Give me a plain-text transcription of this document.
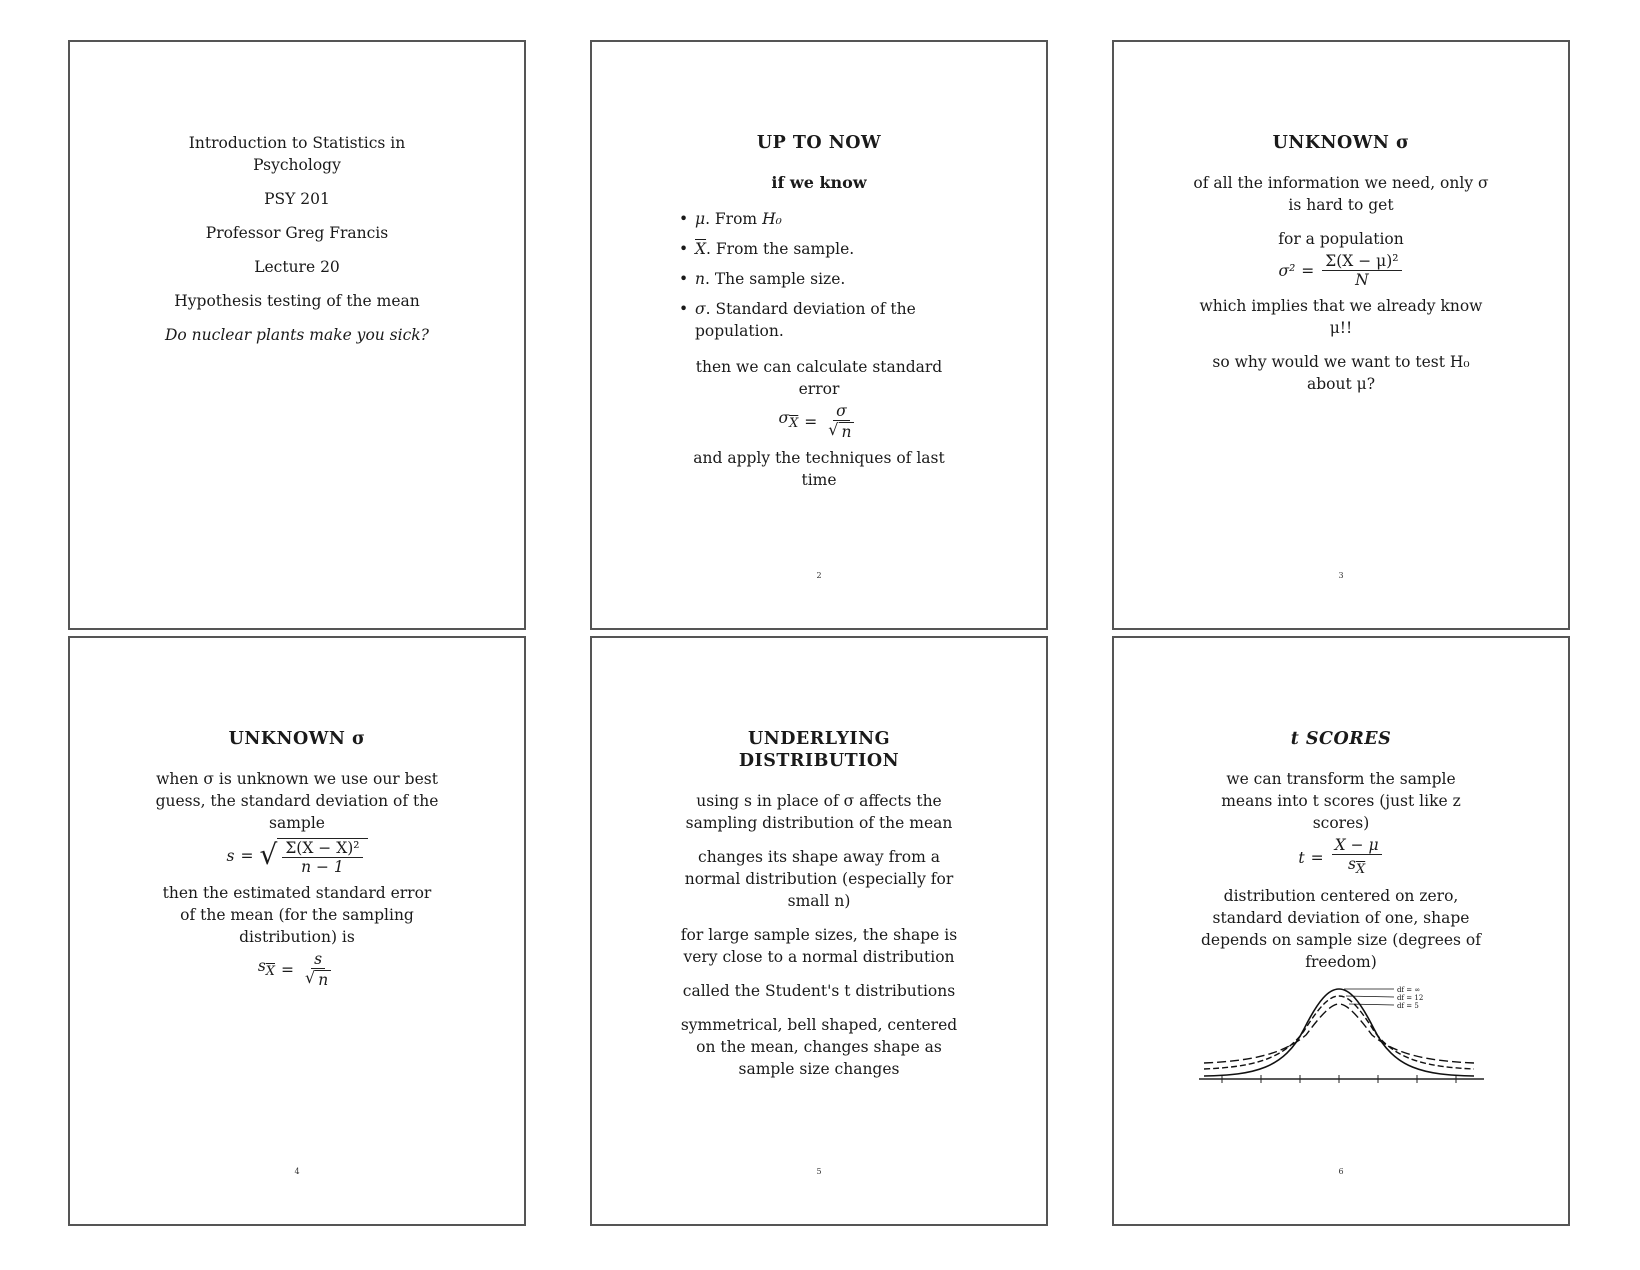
Introduction to Statistics in Psychology

PSY 201

Professor Greg Francis

Lecture 20

Hypothesis testing of the mean

Do nuclear plants make you sick?

UP TO NOW

if we know

• μ. From H₀
• $\overline{X}$. From the sample.
• n. The sample size.
• σ. Standard deviation of the population.

then we can calculate standard error

$\sigma_{\overline{X}} = \frac{\sigma}{√ n}$

and apply the techniques of last time

2

UNKNOWN σ

of all the information we need, only σ is hard to get

for a population

$\sigma^2 = \frac{\text{Σ(X − μ)²}}{N}$

which implies that we already know μ!!

so why would we want to test H₀ about μ?

3

UNKNOWN σ

when σ is unknown we use our best guess, the standard deviation of the sample

s = √ $\frac{\text{Σ(X − X)²}}{n - 1}$

then the estimated standard error of the mean (for the sampling distribution) is

$s_{\overline{X}} = \frac{s}{√ n}$
4

UNDERLYING DISTRIBUTION

using s in place of σ affects the sampling distribution of the mean

changes its shape away from a normal distribution (especially for small n)

for large sample sizes, the shape is very close to a normal distribution

called the Student's t distributions

symmetrical, bell shaped, centered on the mean, changes shape as sample size changes

5

t SCORES

we can transform the sample means into t scores (just like z scores)

$t = \frac{X - \mu}{s_{\overline{X}}}$

distribution centered on zero, standard deviation of one, shape depends on sample size (degrees of freedom)

df = ∞
df = 12
df = 5
6
